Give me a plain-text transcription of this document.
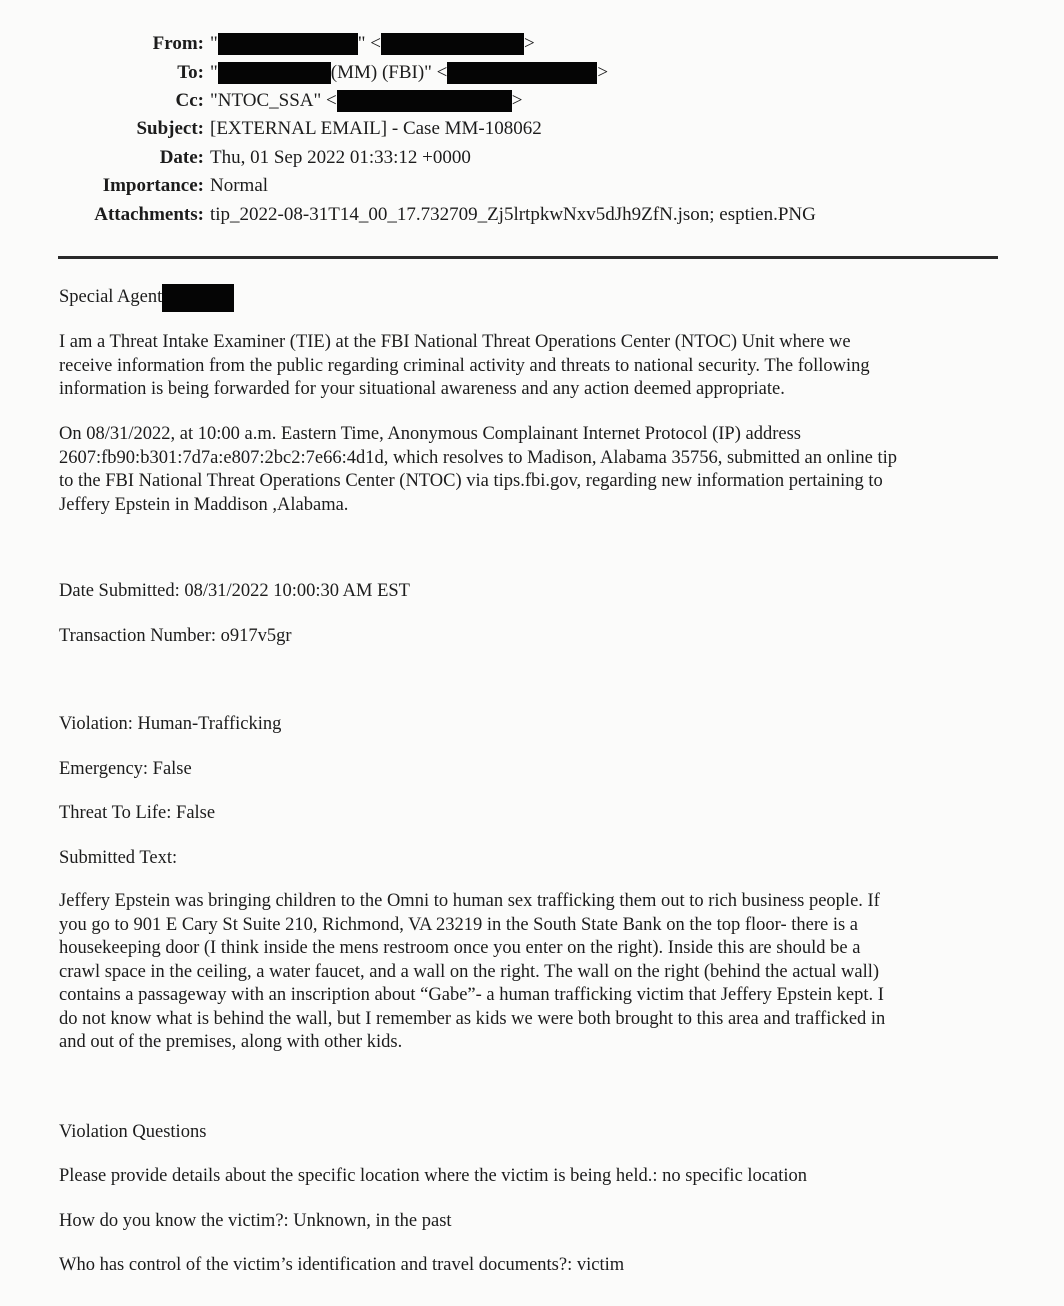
From: "	" <	>
To: "	(MM) (FBI)" <	>
Cc: "NTOC_SSA" <	>
Subject: [EXTERNAL EMAIL] - Case MM-108062
Date: Thu, 01 Sep 2022 01:33:12 +0000
Importance: Normal
Attachments: tip_2022-08-31T14_00_17.732709_Zj5lrtpkwNxv5dJh9ZfN.json; esptien.PNG
Special Agent

I am a Threat Intake Examiner (TIE) at the FBI National Threat Operations Center (NTOC) Unit where we
receive information from the public regarding criminal activity and threats to national security. The following
information is being forwarded for your situational awareness and any action deemed appropriate.

On 08/31/2022, at 10:00 a.m. Eastern Time, Anonymous Complainant Internet Protocol (IP) address
2607:fb90:b301:7d7a:e807:2bc2:7e66:4d1d, which resolves to Madison, Alabama 35756, submitted an online tip
to the FBI National Threat Operations Center (NTOC) via tips.fbi.gov, regarding new information pertaining to
Jeffery Epstein in Maddison ,Alabama.

Date Submitted: 08/31/2022 10:00:30 AM EST

Transaction Number: o917v5gr

Violation: Human-Trafficking

Emergency: False

Threat To Life: False

Submitted Text:

Jeffery Epstein was bringing children to the Omni to human sex trafficking them out to rich business people. If
you go to 901 E Cary St Suite 210, Richmond, VA 23219 in the South State Bank on the top floor- there is a
housekeeping door (I think inside the mens restroom once you enter on the right). Inside this are should be a
crawl space in the ceiling, a water faucet, and a wall on the right. The wall on the right (behind the actual wall)
contains a passageway with an inscription about “Gabe”- a human trafficking victim that Jeffery Epstein kept. I
do not know what is behind the wall, but I remember as kids we were both brought to this area and trafficked in
and out of the premises, along with other kids.

Violation Questions

Please provide details about the specific location where the victim is being held.: no specific location

How do you know the victim?: Unknown, in the past

Who has control of the victim’s identification and travel documents?: victim
